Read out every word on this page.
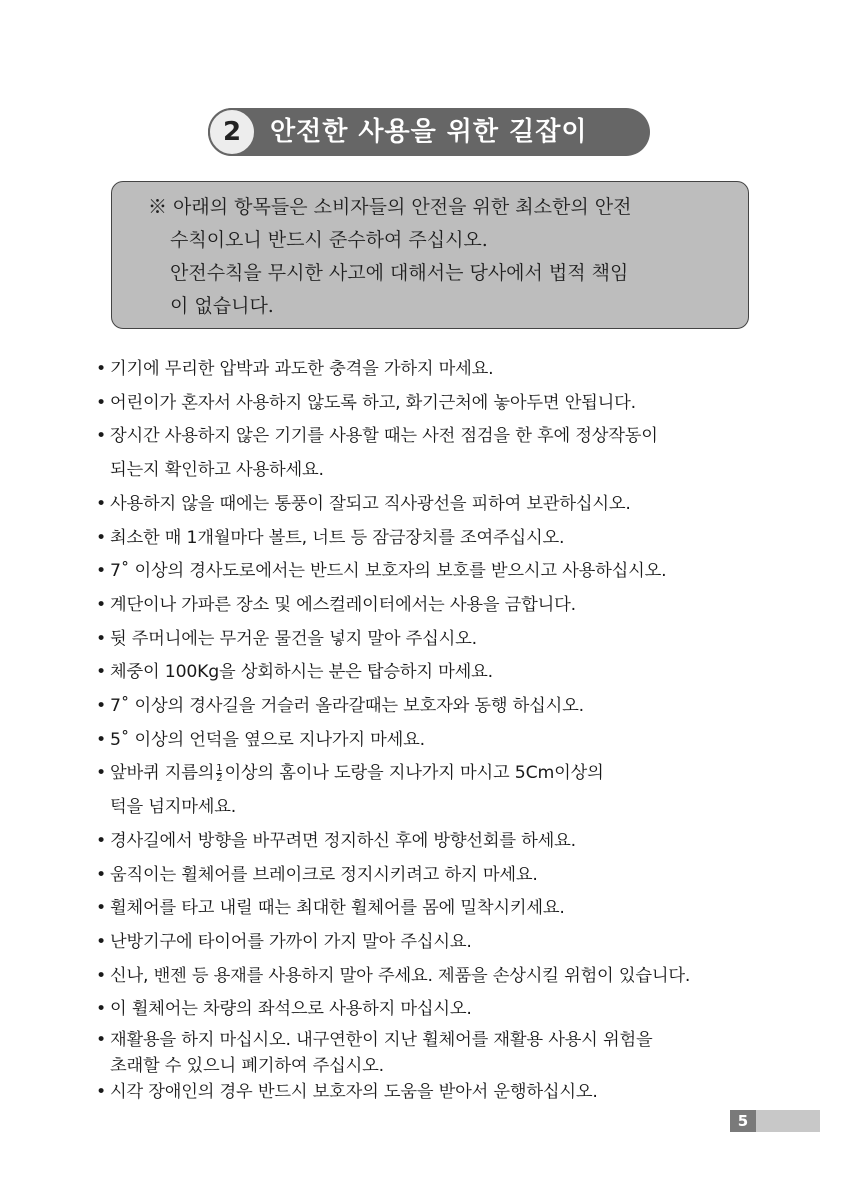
2	안전한 사용을 위한 길잡이
※ 아래의 항목들은 소비자들의 안전을 위한 최소한의 안전
수칙이오니 반드시 준수하여 주십시오.
안전수칙을 무시한 사고에 대해서는 당사에서 법적 책임
이 없습니다.
• 기기에 무리한 압박과 과도한 충격을 가하지 마세요.
• 어린이가 혼자서 사용하지 않도록 하고, 화기근처에 놓아두면 안됩니다.
• 장시간 사용하지 않은 기기를 사용할 때는 사전 점검을 한 후에 정상작동이
되는지 확인하고 사용하세요.
• 사용하지 않을 때에는 통풍이 잘되고 직사광선을 피하여 보관하십시오.
• 최소한 매 1개월마다 볼트, 너트 등 잠금장치를 조여주십시오.
• 7˚ 이상의 경사도로에서는 반드시 보호자의 보호를 받으시고 사용하십시오.
• 계단이나 가파른 장소 및 에스컬레이터에서는 사용을 금합니다.
• 뒷 주머니에는 무거운 물건을 넣지 말아 주십시오.
• 체중이 100Kg을 상회하시는 분은 탑승하지 마세요.
• 7˚ 이상의 경사길을 거슬러 올라갈때는 보호자와 동행 하십시오.
• 5˚ 이상의 언덕을 옆으로 지나가지 마세요.
• 앞바퀴 지름의 $\frac{1}{2}$ 이상의 홈이나 도랑을 지나가지 마시고 5Cm이상의
턱을 넘지마세요.
• 경사길에서 방향을 바꾸려면 정지하신 후에 방향선회를 하세요.
• 움직이는 휠체어를 브레이크로 정지시키려고 하지 마세요.
• 휠체어를 타고 내릴 때는 최대한 휠체어를 몸에 밀착시키세요.
• 난방기구에 타이어를 가까이 가지 말아 주십시요.
• 신나, 밴젠 등 용재를 사용하지 말아 주세요. 제품을 손상시킬 위험이 있습니다.
• 이 휠체어는 차량의 좌석으로 사용하지 마십시오.
• 재활용을 하지 마십시오. 내구연한이 지난 휠체어를 재활용 사용시 위험을
초래할 수 있으니 폐기하여 주십시오.
• 시각 장애인의 경우 반드시 보호자의 도움을 받아서 운행하십시오.
5
